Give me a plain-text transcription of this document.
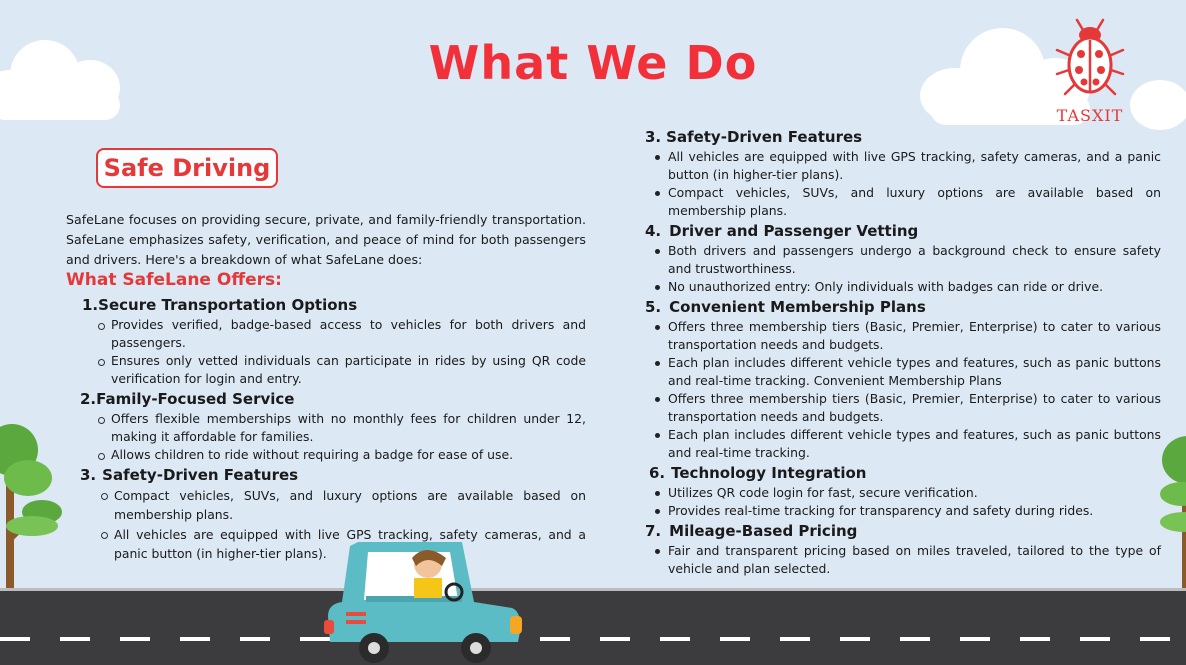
What We Do
TASXIT
Safe Driving
SafeLane focuses on providing secure, private, and family-friendly transportation. SafeLane emphasizes safety, verification, and peace of mind for both passengers and drivers. Here's a breakdown of what SafeLane does:
What SafeLane Offers:
1. Secure Transportation Options
Provides verified, badge-based access to vehicles for both drivers and passengers.
Ensures only vetted individuals can participate in rides by using QR code verification for login and entry.
2. Family-Focused Service
Offers flexible memberships with no monthly fees for children under 12, making it affordable for families.
Allows children to ride without requiring a badge for ease of use.
3. Safety-Driven Features
Compact vehicles, SUVs, and luxury options are available based on membership plans.
All vehicles are equipped with live GPS tracking, safety cameras, and a panic button (in higher-tier plans).
3. Safety-Driven Features
All vehicles are equipped with live GPS tracking, safety cameras, and a panic button (in higher-tier plans).
Compact vehicles, SUVs, and luxury options are available based on membership plans.
4. Driver and Passenger Vetting
Both drivers and passengers undergo a background check to ensure safety and trustworthiness.
No unauthorized entry: Only individuals with badges can ride or drive.
5. Convenient Membership Plans
Offers three membership tiers (Basic, Premier, Enterprise) to cater to various transportation needs and budgets.
Each plan includes different vehicle types and features, such as panic buttons and real-time tracking. Convenient Membership Plans
Offers three membership tiers (Basic, Premier, Enterprise) to cater to various transportation needs and budgets.
Each plan includes different vehicle types and features, such as panic buttons and real-time tracking.
6. Technology Integration
Utilizes QR code login for fast, secure verification.
Provides real-time tracking for transparency and safety during rides.
7. Mileage-Based Pricing
Fair and transparent pricing based on miles traveled, tailored to the type of vehicle and plan selected.
